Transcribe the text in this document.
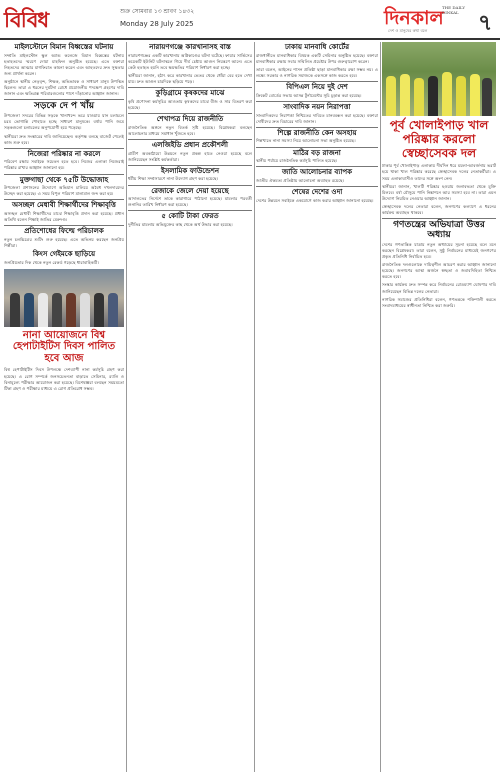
বিবিধ	শুক্র সোমবার ১৩ শ্রাবণ ১৪৩২
Monday 28 July 2025	দিনকাল
THE DAILY DINKAL
দেশ ও মানুষের কথা বলে ৭
মাইলস্টোনে বিমান বিধ্বস্তের ঘটনায়

সম্প্রতি মাইলস্টোন স্কুল অ্যান্ড কলেজে বিমান বিধ্বস্তের ঘটনায় হতাহতদের স্মরণে দোয়া মাহফিল অনুষ্ঠিত হয়েছে। এতে বক্তারা নিহতদের আত্মার মাগফিরাত কামনা করেন এবং আহতদের দ্রুত সুস্থতার জন্য প্রার্থনা করেন।

অনুষ্ঠানে স্থানীয় নেতৃবৃন্দ, শিক্ষক, অভিভাবক ও সাধারণ মানুষ উপস্থিত ছিলেন। তারা এ ধরনের দুর্ঘটনা রোধে প্রয়োজনীয় পদক্ষেপ গ্রহণের দাবি জানান এবং ক্ষতিগ্রস্ত পরিবারগুলোর পাশে দাঁড়ানোর আহ্বান জানান।

সড়কে দে প খাঁয়

উপজেলা সদরের বিভিন্ন সড়কে খানাখন্দে ভরে যাওয়ায় যান চলাচলে চরম ভোগান্তি পোহাতে হচ্ছে সাধারণ মানুষকে। বর্ষায় পানি জমে সড়কগুলো চলাচলের অনুপযোগী হয়ে পড়েছে।

স্থানীয়রা দ্রুত সংস্কারের দাবি জানিয়েছেন। কর্তৃপক্ষ বলছে বাজেট পেলেই কাজ শুরু হবে।

নিজেরা পরিষ্কার না করলে

পরিবেশ রক্ষায় সবাইকে সচেতন হতে হবে। নিজের এলাকা নিজেরাই পরিষ্কার রাখার আহ্বান জানানো হয়।

মুক্তগাছা থেকে ৭৫টি উদ্ধোজাহ

উপজেলা প্রশাসনের উদ্যোগে অভিযান চালিয়ে অবৈধ দখলদারদের উচ্ছেদ করা হয়েছে। এ সময় বিপুল পরিমাণ মালামাল জব্দ করা হয়।

অসচ্ছল মেধাবী শিক্ষার্থীদের শিক্ষাবৃত্তি

অসচ্ছল মেধাবী শিক্ষার্থীদের মাঝে শিক্ষাবৃত্তি প্রদান করা হয়েছে। প্রধান অতিথি বলেন শিক্ষাই জাতির মেরুদণ্ড।

প্রতিশোধের ফিল্মে পরিচালক

নতুন চলচ্চিত্রের শুটিং শুরু হয়েছে। এতে অভিনয় করছেন জনপ্রিয় শিল্পীরা।

কিংস গেইমকে ছাড়িয়ে

জনপ্রিয়তার দিক থেকে নতুন রেকর্ড গড়েছে ধারাবাহিকটি।

নানা আয়োজনে বিশ্ব হেপাটাইটিস দিবস পালিত হবে আজ

বিশ্ব হেপাটাইটিস দিবস উপলক্ষে দেশব্যাপী নানা কর্মসূচি গ্রহণ করা হয়েছে। এ রোগ সম্পর্কে জনসচেতনতা বাড়াতে সেমিনার, র‍্যালি ও বিনামূল্যে পরীক্ষার আয়োজন করা হয়েছে। বিশেষজ্ঞরা বলছেন সময়মতো টিকা গ্রহণ ও পরীক্ষার মাধ্যমে এ রোগ প্রতিরোধ সম্ভব।

নারায়ণগঞ্জে কারখানাসহ বাস্ত

নারায়ণগঞ্জের একটি কারখানায় অগ্নিকাণ্ডের ঘটনা ঘটেছে। ফায়ার সার্ভিসের কয়েকটি ইউনিট ঘটনাস্থলে গিয়ে দীর্ঘ চেষ্টায় আগুন নিয়ন্ত্রণে আনে। এতে কেউ হতাহত হয়নি তবে ক্ষয়ক্ষতির পরিমাণ নির্ধারণ করা হচ্ছে।

স্থানীয়রা জানান, হঠাৎ করে কারখানার ভেতর থেকে ধোঁয়া বের হতে দেখা যায়। দ্রুত আগুন চারদিকে ছড়িয়ে পড়ে।

কুড়িগ্রামে কৃষকদের মাঝে

কৃষি প্রণোদনা কর্মসূচির আওতায় কৃষকদের মাঝে বীজ ও সার বিতরণ করা হয়েছে।

শেখাপত্র দিয়ে রাজনীতি

রাজনৈতিক অঙ্গনে নতুন বিতর্ক সৃষ্টি হয়েছে। বিশ্লেষকরা বলছেন আলোচনার মাধ্যমে সমাধান খুঁজতে হবে।

এলজিইডি প্রধান প্রকৌশলী

গ্রামীণ অবকাঠামো উন্নয়নে নতুন প্রকল্প হাতে নেওয়া হয়েছে বলে জানিয়েছেন সংশ্লিষ্ট কর্মকর্তারা।

ইসলামিক ফাউন্ডেশন

ধর্মীয় শিক্ষা সম্প্রসারণে নানা উদ্যোগ গ্রহণ করা হয়েছে।

রেজাকে জেলে দেয়া হয়েছে

আদালতের নির্দেশে তাকে কারাগারে পাঠানো হয়েছে। মামলার পরবর্তী শুনানির তারিখ নির্ধারণ করা হয়েছে।

৫ কোটি টাকা ফেরত

দুর্নীতির মামলায় অভিযুক্তের কাছ থেকে অর্থ উদ্ধার করা হয়েছে।

ঢাকায় মানবাধি কোর্টের

রাজধানীতে মানবাধিকার বিষয়ক একটি সেমিনার অনুষ্ঠিত হয়েছে। বক্তারা মানবাধিকার রক্ষায় সবার সম্মিলিত প্রচেষ্টার উপর গুরুত্বারোপ করেন।

তারা বলেন, আইনের শাসন প্রতিষ্ঠা ছাড়া মানবাধিকার রক্ষা সম্ভব নয়। এ লক্ষ্যে সরকার ও নাগরিক সমাজকে একসঙ্গে কাজ করতে হবে।

বিপিএল নিয়ে দুই দেশ

ক্রিকেট বোর্ডের সভায় আসন্ন টুর্নামেন্টের সূচি চূড়ান্ত করা হয়েছে।

সাংবাদিক নয়ন নিরাপত্তা

সাংবাদিকদের নিরাপত্তা নিশ্চিতের দাবিতে মানববন্ধন করা হয়েছে। বক্তারা দোষীদের দ্রুত বিচারের দাবি জানান।

শিল্পে রাজনীতি কেন অসহায়

শিল্পখাতে নানা সমস্যা নিয়ে আলোচনা সভা অনুষ্ঠিত হয়েছে।

মাঠির বড় রাজনা

স্থানীয় পর্যায়ে রাজনৈতিক কর্মসূচি পালিত হয়েছে।

জাতি আলোচনার ব্যাপক

জাতীয় ঐকমত্য প্রতিষ্ঠায় আলোচনা অব্যাহত রয়েছে।

শেষের দেশের ওদা

দেশের উন্নয়নে সবাইকে একযোগে কাজ করার আহ্বান জানানো হয়েছে।

পূর্ব খোলাইপাড় খাল পরিষ্কার করলো স্বেচ্ছাসেবক দল

ঢাকার পূর্ব খোলাইপাড় এলাকায় দীর্ঘদিন ধরে ময়লা-আবর্জনায় ভরাট হয়ে থাকা খাল পরিষ্কার করেছে স্বেচ্ছাসেবক দলের নেতাকর্মীরা। এ সময় এলাকাবাসীও তাদের সঙ্গে অংশ নেন।

স্থানীয়রা জানান, খালটি পরিষ্কার হওয়ায় জলাবদ্ধতা থেকে মুক্তি মিলবে। বর্ষা মৌসুমে পানি নিষ্কাশনে আর সমস্যা হবে না। তারা এমন উদ্যোগ নিয়মিত নেওয়ার আহ্বান জানান।

স্বেচ্ছাসেবক দলের নেতারা বলেন, জনগণের কল্যাণে এ ধরনের কার্যক্রম অব্যাহত থাকবে।

গণতন্ত্রের অভিযাত্রা উত্তর অধ্যায়

দেশের গণতান্ত্রিক যাত্রায় নতুন অধ্যায়ের সূচনা হয়েছে বলে মনে করছেন বিশ্লেষকরা। তারা বলেন, সুষ্ঠু নির্বাচনের মাধ্যমেই জনগণের প্রকৃত প্রতিনিধি নির্বাচিত হবে।

রাজনৈতিক দলগুলোকে দায়িত্বশীল আচরণ করার আহ্বান জানানো হয়েছে। জনগণের আস্থা অর্জনে স্বচ্ছতা ও জবাবদিহিতা নিশ্চিত করতে হবে।

সংস্কার কার্যক্রম দ্রুত সম্পন্ন করে নির্বাচনের রোডম্যাপ ঘোষণার দাবি জানিয়েছেন বিভিন্ন দলের নেতারা।

নাগরিক সমাজের প্রতিনিধিরা বলেন, গণতন্ত্রকে শক্তিশালী করতে সংবাদমাধ্যমের স্বাধীনতা নিশ্চিত করা জরুরি।
